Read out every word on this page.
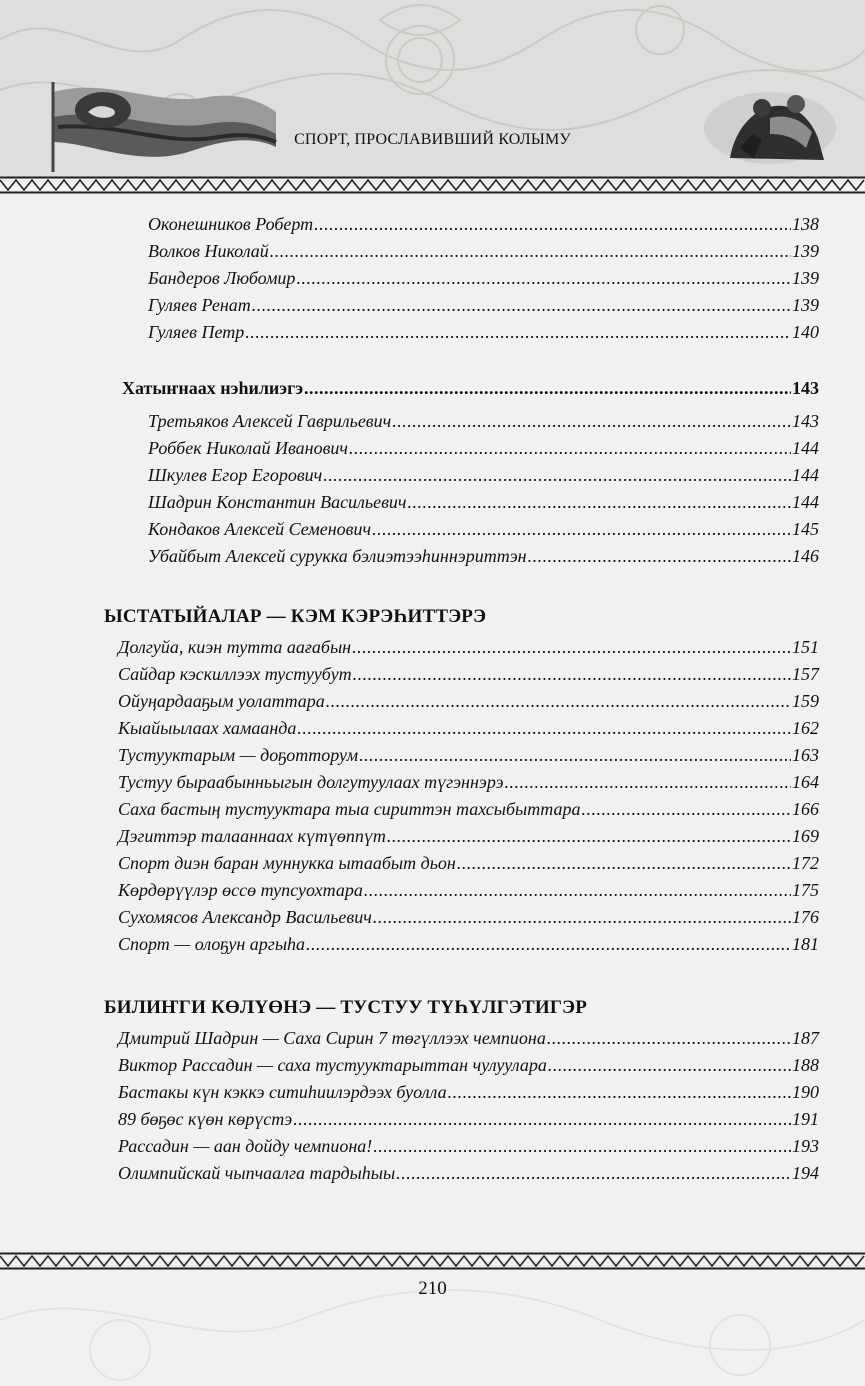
СПОРТ, ПРОСЛАВИВШИЙ КОЛЫМУ
Оконешников Роберт .....	138
Волков Николай .....	139
Бандеров Любомир .....	139
Гуляев Ренат .....	139
Гуляев Петр .....	140
Хатыҥнаах нэһилиэгэ .....	143
Третьяков Алексей Гаврильевич .....	143
Роббек Николай Иванович .....	144
Шкулев Егор Егорович .....	144
Шадрин Константин Васильевич .....	144
Кондаков Алексей Семенович .....	145
Убайбыт Алексей сурукка бэлиэтээһиннэриттэн .....	146
ЫСТАТЫЙАЛАР — КЭМ КЭРЭҺИТТЭРЭ
Долгуйа, киэн тутта аағабын .....	151
Сайдар кэскиллээх тустуубут .....	157
Ойуңардааҕым уолаттара .....	159
Кыайыылаах хамаанда .....	162
Тустууктарым — доҕотторум .....	163
Тустуу быраабынньыгын долгутуулаах түгэннэрэ .....	164
Саха бастың тустууктара тыа сириттэн тахсыбыттара .....	166
Дэгиттэр талааннаах күтүөппүт .....	169
Спорт диэн баран муннукка ытаабыт дьон .....	172
Көрдөрүүлэр өссө тупсуохтара .....	175
Сухомясов Александр Васильевич .....	176
Спорт — олоҕун аргыһа .....	181
БИЛИҤГИ КӨЛҮӨНЭ — ТУСТУУ ТҮҺҮЛГЭТИГЭР
Дмитрий Шадрин — Саха Сирин 7 төгүллээх чемпиона .....	187
Виктор Рассадин — саха тустууктарыттан чулуулара .....	188
Бастакы күн кэккэ ситиһиилэрдээх буолла .....	190
89 бөҕөс күөн көрүстэ .....	191
Рассадин — аан дойду чемпиона! .....	193
Олимпийскай чыпчаалга тардыһыы .....	194
210
